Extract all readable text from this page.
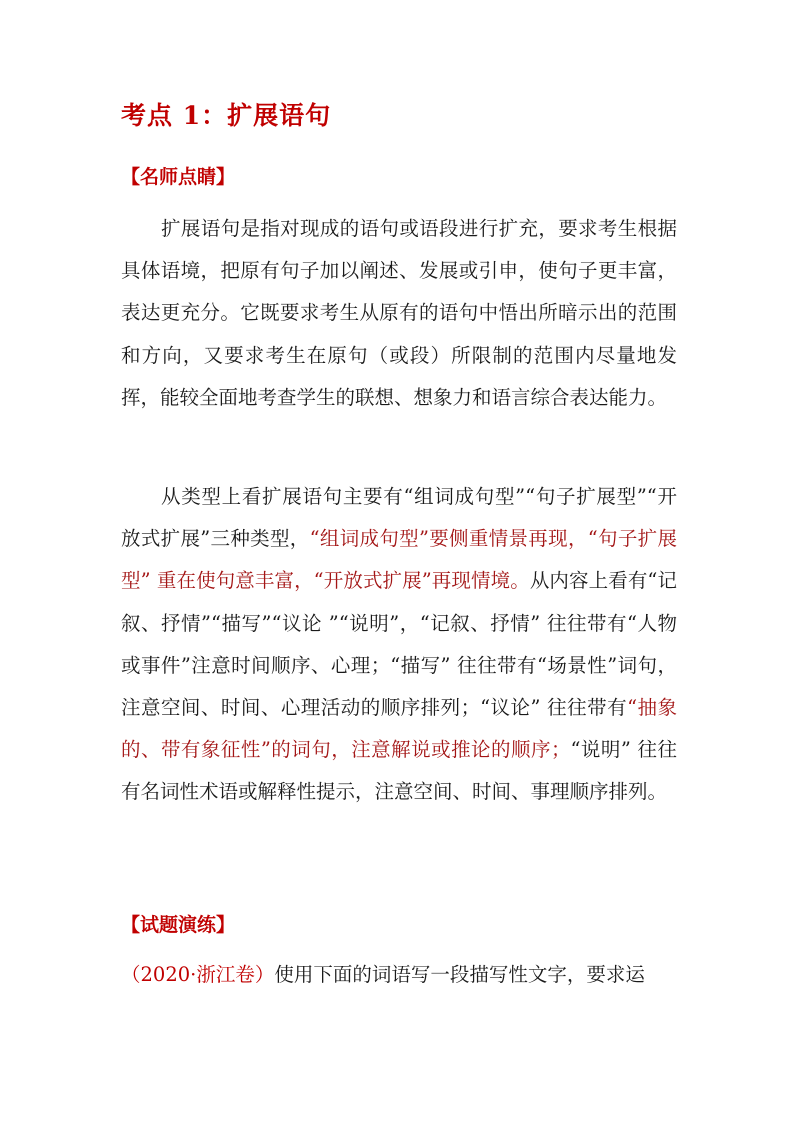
考点 1：扩展语句
【名师点睛】

扩展语句是指对现成的语句或语段进行扩充，要求考生根据具体语境，把原有句子加以阐述、发展或引申，使句子更丰富，表达更充分。它既要求考生从原有的语句中悟出所暗示出的范围和方向，又要求考生在原句（或段）所限制的范围内尽量地发挥，能较全面地考查学生的联想、想象力和语言综合表达能力。

从类型上看扩展语句主要有“组词成句型”“句子扩展型”“开放式扩展”三种类型，“组词成句型”要侧重情景再现，“句子扩展型” 重在使句意丰富，“开放式扩展”再现情境。从内容上看有“记叙、抒情”“描写”“议论 ”“说明”，“记叙、抒情” 往往带有“人物或事件”注意时间顺序、心理；“描写” 往往带有“场景性”词句，注意空间、时间、心理活动的顺序排列；“议论” 往往带有“抽象的、带有象征性”的词句，注意解说或推论的顺序；“说明” 往往有名词性术语或解释性提示，注意空间、时间、事理顺序排列。

【试题演练】
（2020·浙江卷）使用下面的词语写一段描写性文字，要求运
